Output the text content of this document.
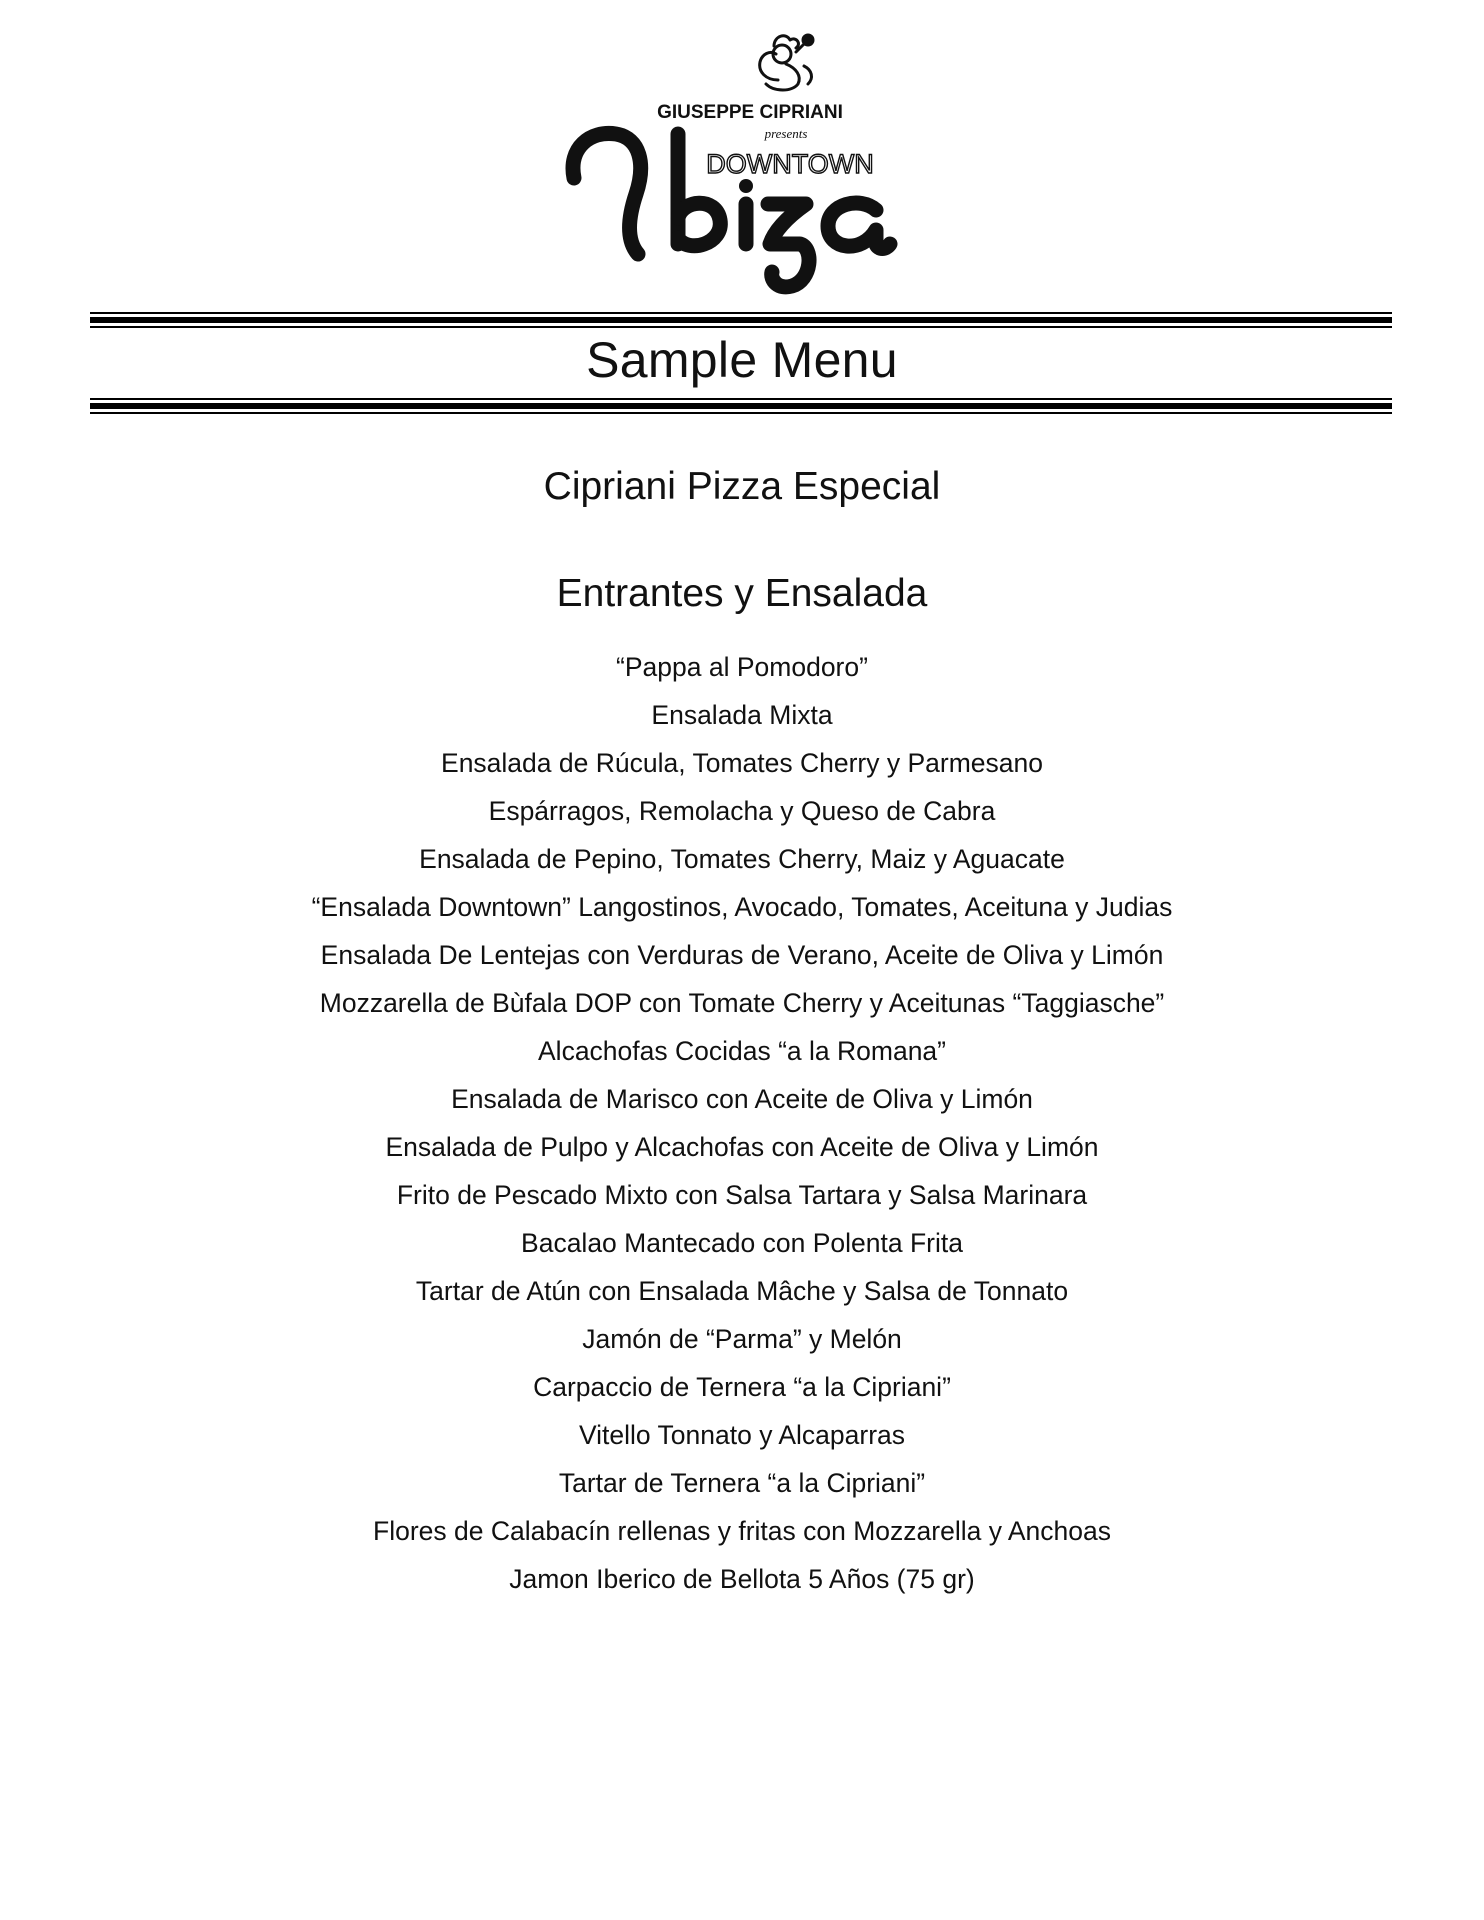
GIUSEPPE CIPRIANI
presents
DOWNTOWN
Sample Menu
Cipriani Pizza Especial
Entrantes y Ensalada
“Pappa al Pomodoro”
Ensalada Mixta
Ensalada de Rúcula, Tomates Cherry y Parmesano
Espárragos, Remolacha y Queso de Cabra
Ensalada de Pepino, Tomates Cherry, Maiz y Aguacate
“Ensalada Downtown” Langostinos, Avocado, Tomates, Aceituna y Judias
Ensalada De Lentejas con Verduras de Verano, Aceite de Oliva y Limón
Mozzarella de Bùfala DOP con Tomate Cherry y Aceitunas “Taggiasche”
Alcachofas Cocidas “a la Romana”
Ensalada de Marisco con Aceite de Oliva y Limón
Ensalada de Pulpo y Alcachofas con Aceite de Oliva y Limón
Frito de Pescado Mixto con Salsa Tartara y Salsa Marinara
Bacalao Mantecado con Polenta Frita
Tartar de Atún con Ensalada Mâche y Salsa de Tonnato
Jamón de “Parma” y Melón
Carpaccio de Ternera “a la Cipriani”
Vitello Tonnato y Alcaparras
Tartar de Ternera “a la Cipriani”
Flores de Calabacín rellenas y fritas con Mozzarella y Anchoas
Jamon Iberico de Bellota 5 Años (75 gr)
